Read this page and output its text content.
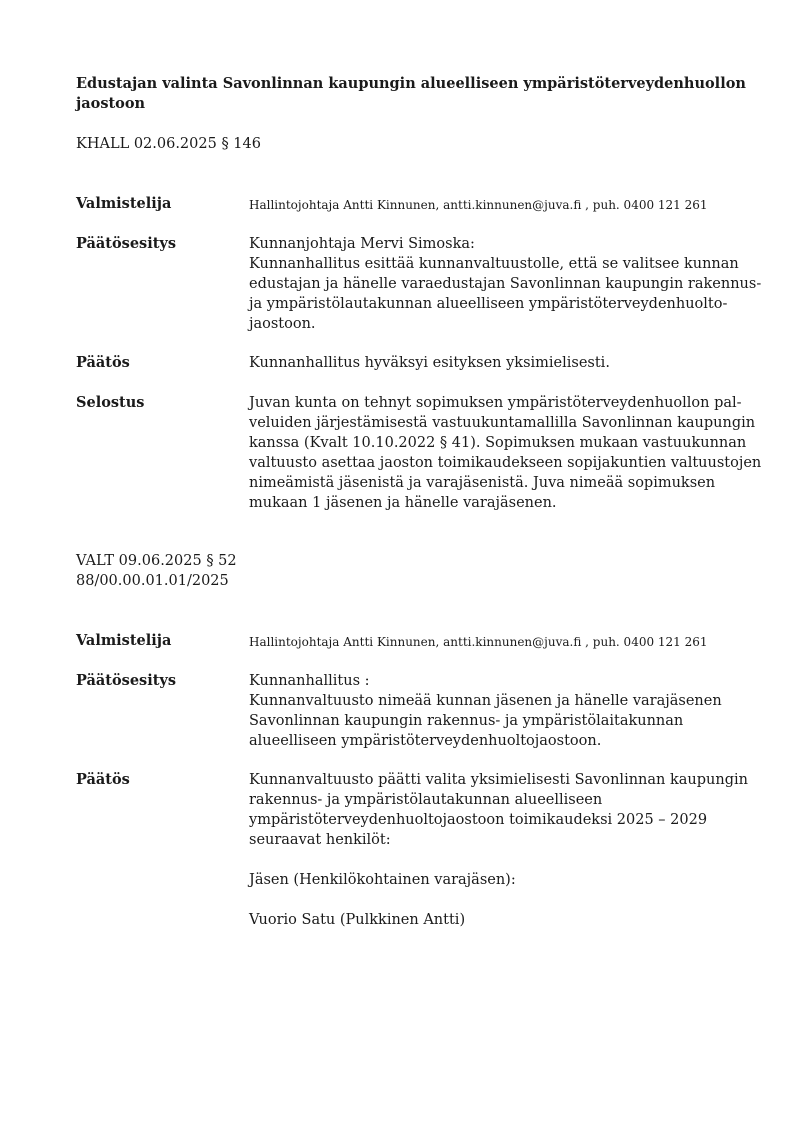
Edustajan valinta Savonlinnan kaupungin alueelliseen ympäristöterveydenhuollon
jaostoon
KHALL 02.06.2025 § 146
Valmistelija	Hallintojohtaja Antti Kinnunen, antti.kinnunen@juva.fi , puh. 0400 121 261
Päätösesitys	Kunnanjohtaja Mervi Simoska:
Kunnanhallitus esittää kunnanvaltuustolle, että se valitsee kunnan
edustajan ja hänelle varaedustajan Savonlinnan kaupungin rakennus-
ja ympäristölautakunnan alueelliseen ympäristöterveydenhuolto-
jaostoon.
Päätös	Kunnanhallitus hyväksyi esityksen yksimielisesti.
Selostus	Juvan kunta on tehnyt sopimuksen ympäristöterveydenhuollon pal-
veluiden järjestämisestä vastuukuntamallilla Savonlinnan kaupungin
kanssa (Kvalt 10.10.2022 § 41). Sopimuksen mukaan vastuukunnan
valtuusto asettaa jaoston toimikaudekseen sopijakuntien valtuustojen
nimeämistä jäsenistä ja varajäsenistä. Juva nimeää sopimuksen
mukaan 1 jäsenen ja hänelle varajäsenen.
VALT 09.06.2025 § 52
88/00.00.01.01/2025
Valmistelija	Hallintojohtaja Antti Kinnunen, antti.kinnunen@juva.fi , puh. 0400 121 261
Päätösesitys	Kunnanhallitus :
Kunnanvaltuusto nimeää kunnan jäsenen ja hänelle varajäsenen
Savonlinnan kaupungin rakennus- ja ympäristölaitakunnan
alueelliseen ympäristöterveydenhuoltojaostoon.
Päätös	Kunnanvaltuusto päätti valita yksimielisesti Savonlinnan kaupungin
rakennus- ja ympäristölautakunnan alueelliseen
ympäristöterveydenhuoltojaostoon toimikaudeksi 2025 – 2029
seuraavat henkilöt:
Jäsen (Henkilökohtainen varajäsen):
Vuorio Satu (Pulkkinen Antti)
